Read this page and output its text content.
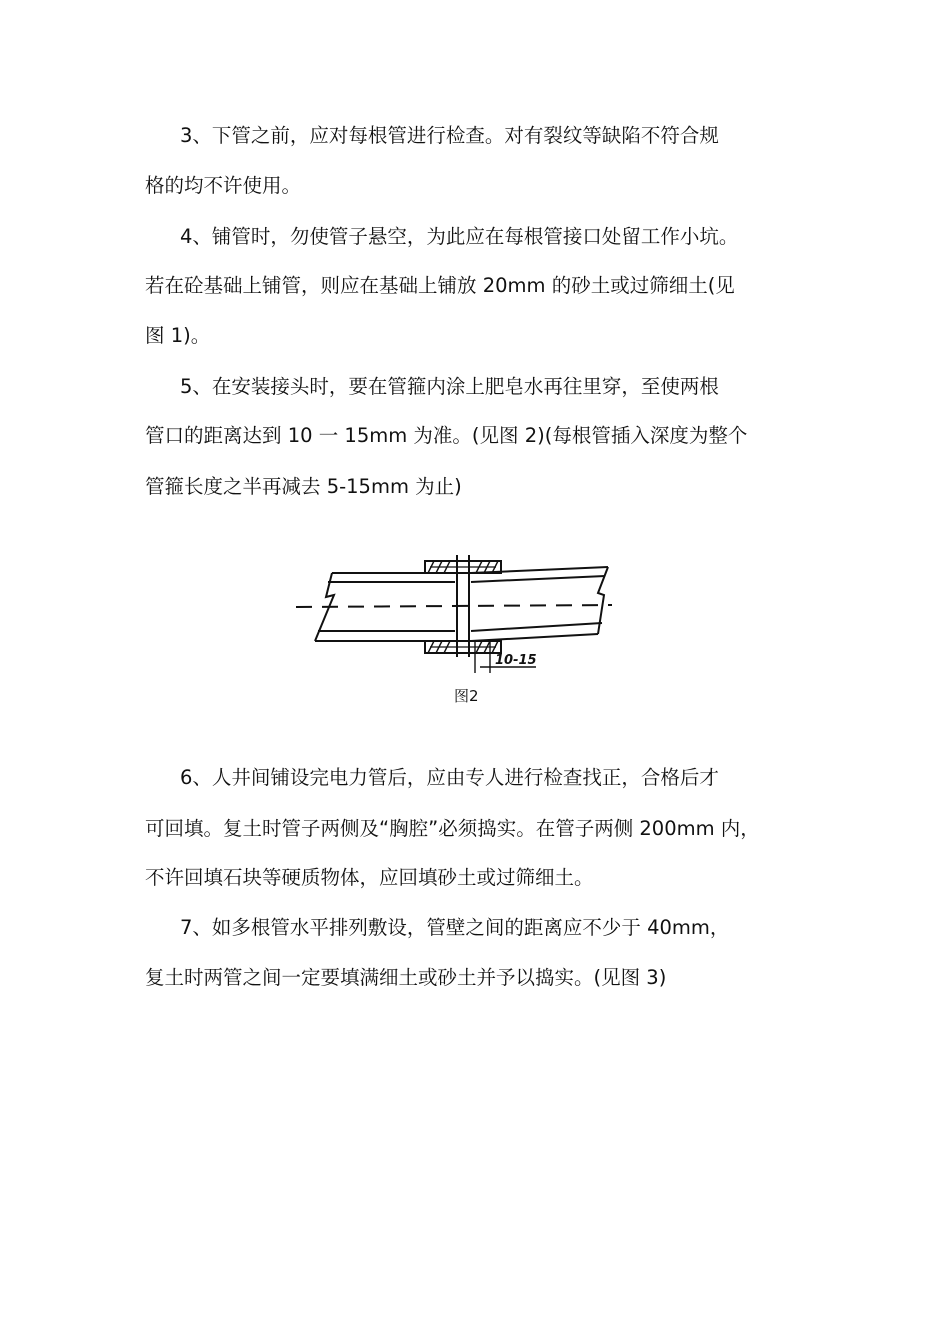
3、下管之前，应对每根管进行检查。对有裂纹等缺陷不符合规
格的均不许使用。
4、铺管时，勿使管子悬空，为此应在每根管接口处留工作小坑。
若在砼基础上铺管，则应在基础上铺放 20mm 的砂土或过筛细土(见
图 1)。
5、在安装接头时，要在管箍内涂上肥皂水再往里穿，至使两根
管口的距离达到 10 一 15mm 为准。(见图 2)(每根管插入深度为整个
管箍长度之半再减去 5-15mm 为止)
10-15
图2
6、人井间铺设完电力管后，应由专人进行检查找正，合格后才
可回填。复土时管子两侧及“胸腔”必须捣实。在管子两侧 200mm 内，
不许回填石块等硬质物体，应回填砂土或过筛细土。
7、如多根管水平排列敷设，管壁之间的距离应不少于 40mm，
复土时两管之间一定要填满细土或砂土并予以捣实。(见图 3)
